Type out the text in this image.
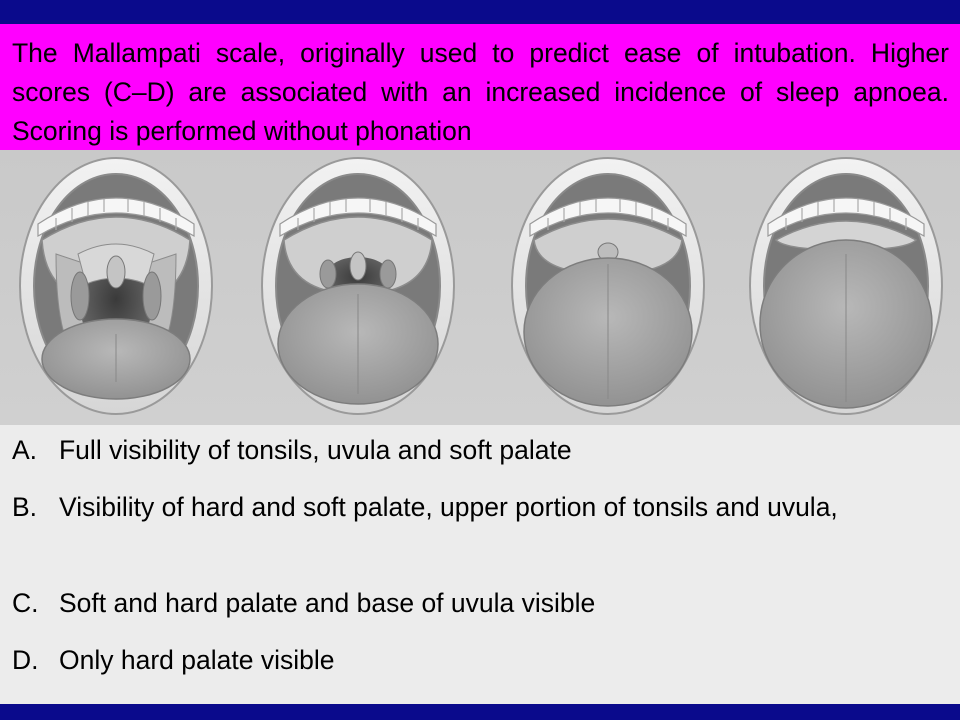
The Mallampati scale, originally used to predict ease of intubation. Higher scores (C–D) are associated with an increased incidence of sleep apnoea. Scoring is performed without phonation

A. Full visibility of tonsils, uvula and soft palate
B. Visibility of hard and soft palate, upper portion of tonsils and uvula,
C. Soft and hard palate and base of uvula visible
D. Only hard palate visible
